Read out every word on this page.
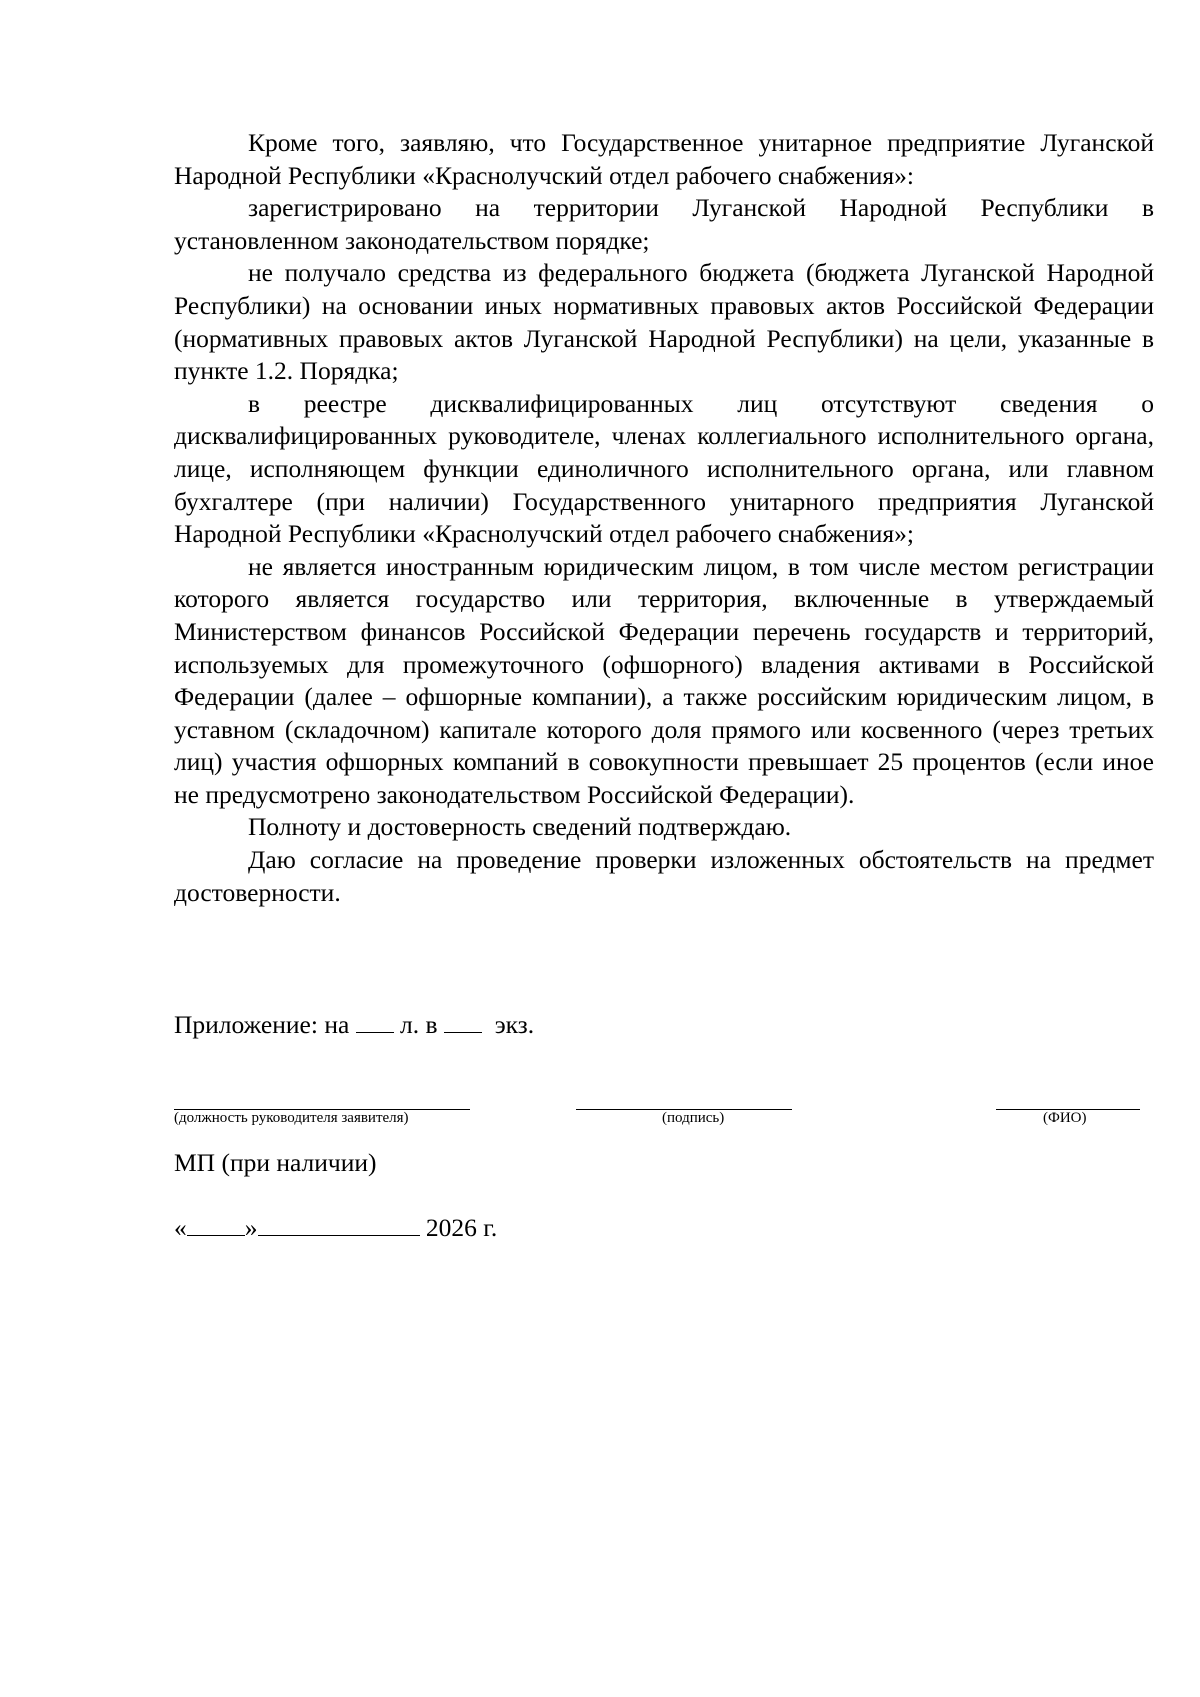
Кроме того, заявляю, что Государственное унитарное предприятие Луганской Народной Республики «Краснолучский отдел рабочего снабжения»:

зарегистрировано на территории Луганской Народной Республики в установленном законодательством порядке;

не получало средства из федерального бюджета (бюджета Луганской Народной Республики) на основании иных нормативных правовых актов Российской Федерации (нормативных правовых актов Луганской Народной Республики) на цели, указанные в пункте 1.2. Порядка;

в реестре дисквалифицированных лиц отсутствуют сведения о дисквалифицированных руководителе, членах коллегиального исполнительного органа, лице, исполняющем функции единоличного исполнительного органа, или главном бухгалтере (при наличии) Государственного унитарного предприятия Луганской Народной Республики «Краснолучский отдел рабочего снабжения»;

не является иностранным юридическим лицом, в том числе местом регистрации которого является государство или территория, включенные в утверждаемый Министерством финансов Российской Федерации перечень государств и территорий, используемых для промежуточного (офшорного) владения активами в Российской Федерации (далее – офшорные компании), а также российским юридическим лицом, в уставном (складочном) капитале которого доля прямого или косвенного (через третьих лиц) участия офшорных компаний в совокупности превышает 25 процентов (если иное не предусмотрено законодательством Российской Федерации).

Полноту и достоверность сведений подтверждаю.

Даю согласие на проведение проверки изложенных обстоятельств на предмет достоверности.

Приложение: на л. в экз.
(должность руководителя заявителя)	(подпись)	(ФИО)
МП (при наличии)
« »	2026 г.
